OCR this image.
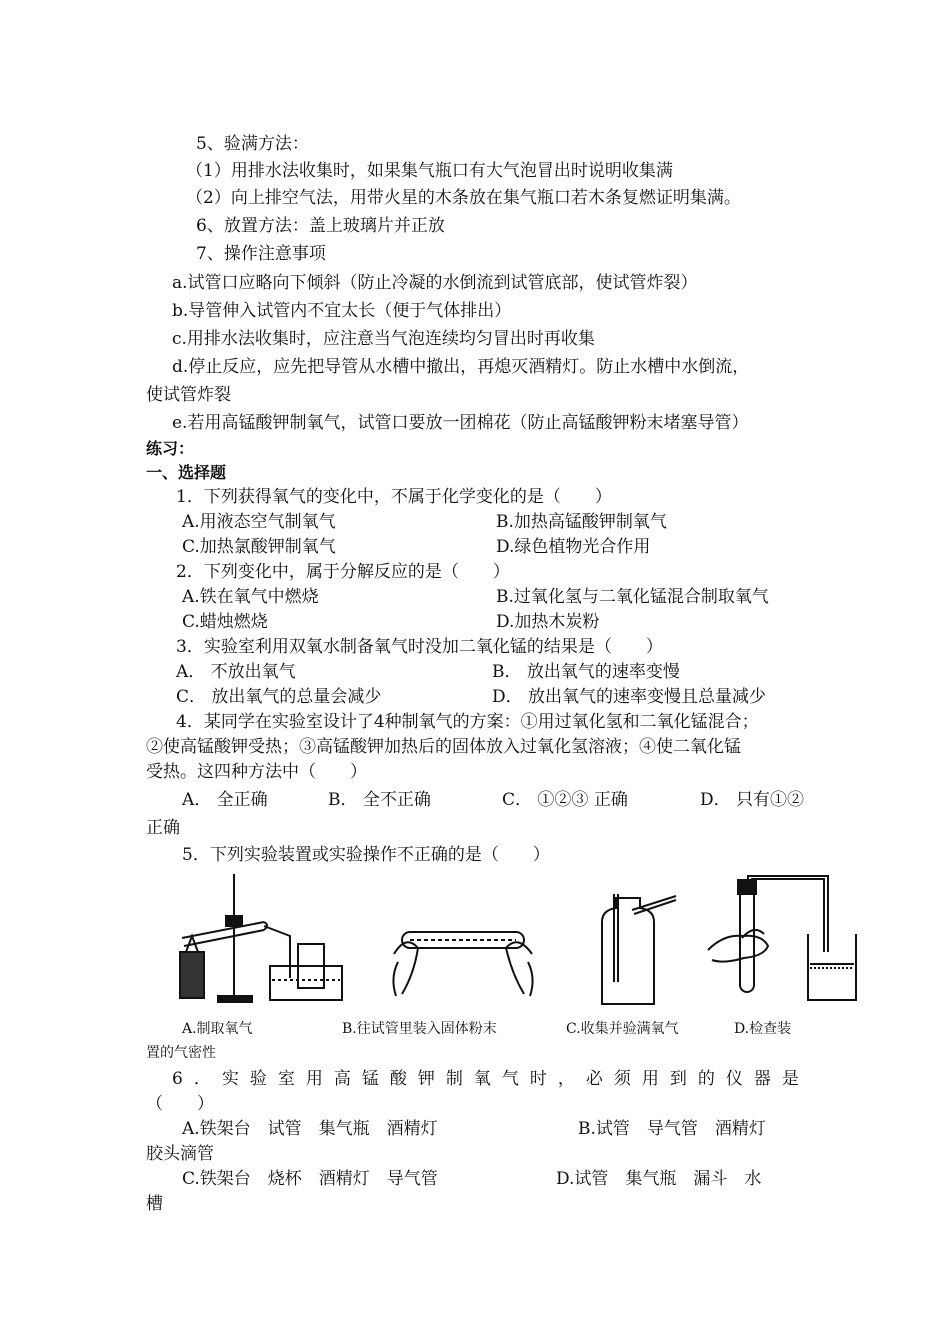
5、验满方法：
（1）用排水法收集时，如果集气瓶口有大气泡冒出时说明收集满
（2）向上排空气法，用带火星的木条放在集气瓶口若木条复燃证明集满。
6、放置方法：盖上玻璃片并正放
7、操作注意事项
a.试管口应略向下倾斜（防止冷凝的水倒流到试管底部，使试管炸裂）
b.导管伸入试管内不宜太长（便于气体排出）
c.用排水法收集时，应注意当气泡连续均匀冒出时再收集
d.停止反应，应先把导管从水槽中撤出，再熄灭酒精灯。防止水槽中水倒流，
使试管炸裂
e.若用高锰酸钾制氧气，试管口要放一团棉花（防止高锰酸钾粉末堵塞导管）
练习：
一、选择题
1．下列获得氧气的变化中，不属于化学变化的是（　　）
A.用液态空气制氧气	B.加热高锰酸钾制氧气
C.加热氯酸钾制氧气	D.绿色植物光合作用
2．下列变化中，属于分解反应的是（　　）
A.铁在氧气中燃烧	B.过氧化氢与二氧化锰混合制取氧气
C.蜡烛燃烧	D.加热木炭粉
3．实验室利用双氧水制备氧气时没加二氧化锰的结果是（　　）
A． 不放出氧气	B． 放出氧气的速率变慢
C． 放出氧气的总量会减少	D． 放出氧气的速率变慢且总量减少
4．某同学在实验室设计了4种制氧气的方案：①用过氧化氢和二氧化锰混合；
②使高锰酸钾受热；③高锰酸钾加热后的固体放入过氧化氢溶液；④使二氧化锰
受热。这四种方法中（　　）
A． 全正确	B． 全不正确	C． ①②③ 正确	D． 只有①②
正确
5．下列实验装置或实验操作不正确的是（　　）
A.制取氧气	B.往试管里装入固体粉末	C.收集并验满氧气	D.检查装
置的气密性
6．实验室用高锰酸钾制氧气时，必须用到的仪器是
（　　）
A.铁架台　试管　集气瓶　酒精灯	B.试管　导气管　酒精灯
胶头滴管
C.铁架台　烧杯　酒精灯　导气管	D.试管　集气瓶　漏斗　水
槽
